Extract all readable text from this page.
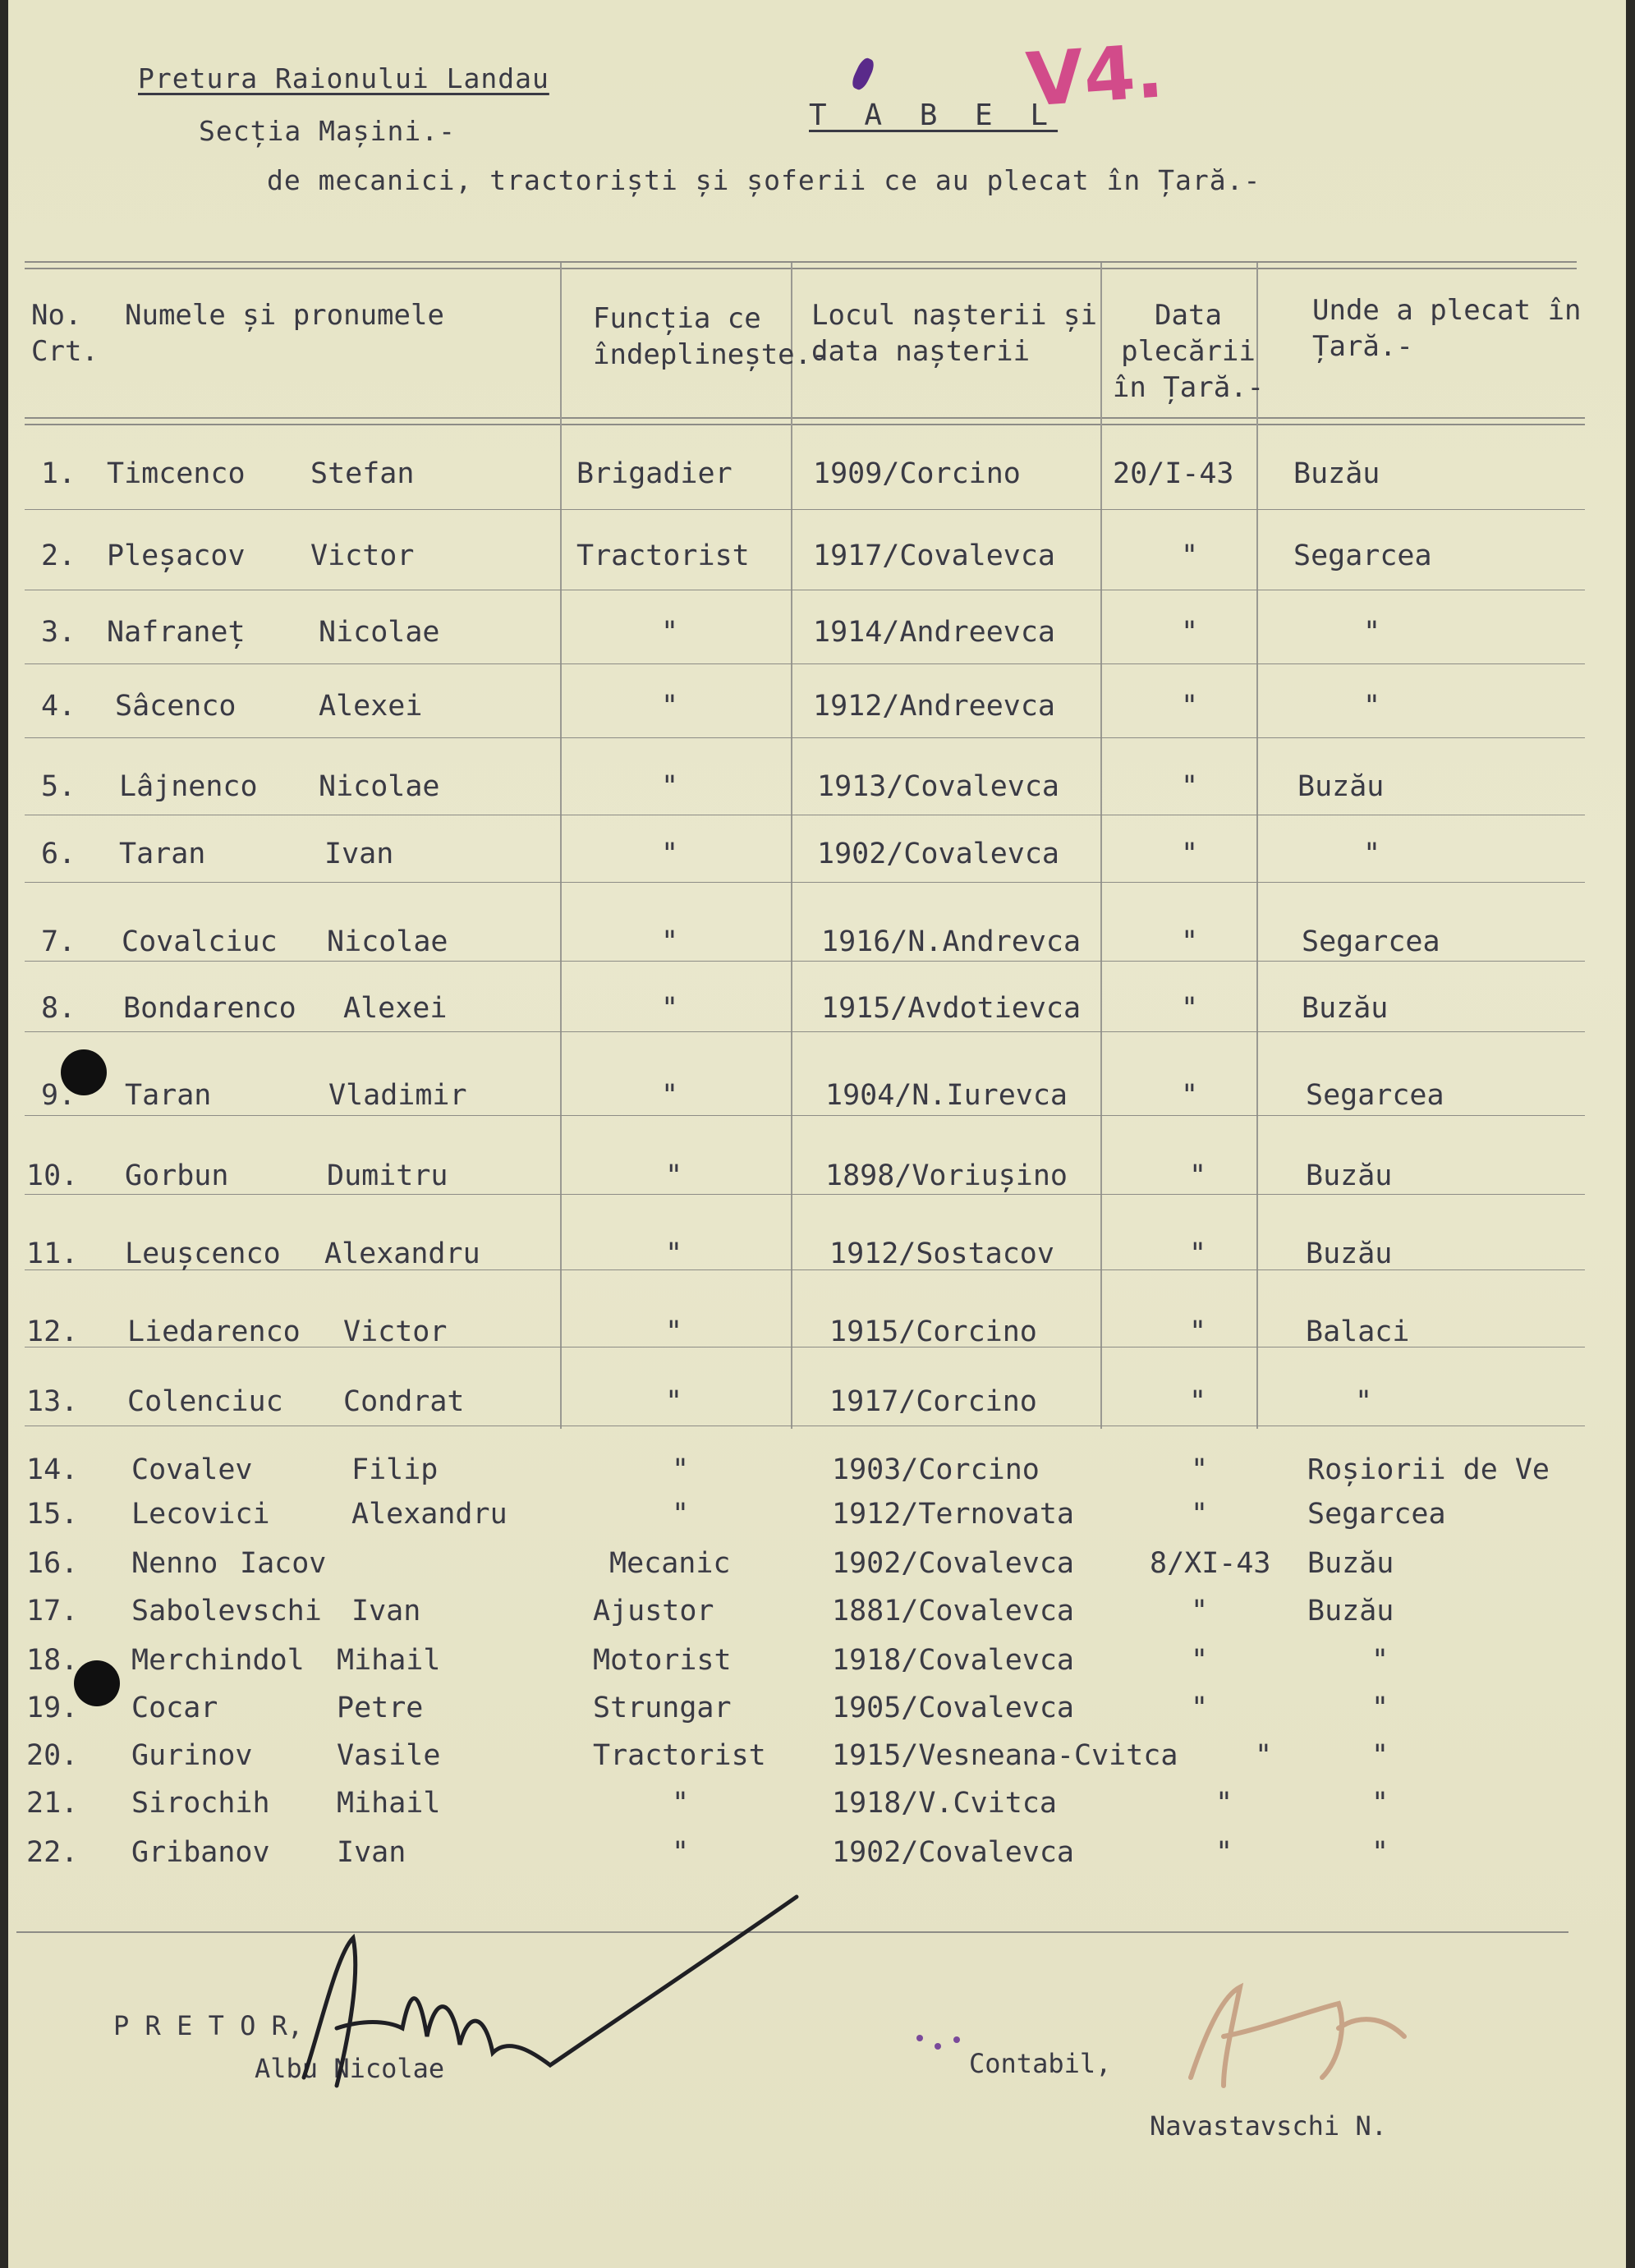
Pretura Raionului Landau
Secția Mașini.-	T A B E L
V4.
de mecanici, tractoriști și șoferii ce au plecat în Țară.-
No. Crt.
Numele și pronumele	Funcția ce îndeplinește.-
Locul nașterii și data nașterii
Data plecării în Țară.-
Unde a plecat în Țară.-
1. Timcenco Stefan	Brigadier	1909/Corcino	20/I-43 Buzău
2. Pleșacov Victor	Tractorist 1917/Covalevca	"	Segarcea
3. Nafraneț	Nicolae	"	1914/Andreevca	"	"
4. Sâcenco	Alexei	"	1912/Andreevca	"	"
5. Lâjnenco Nicolae	"	1913/Covalevca	"	Buzău
6. Taran	Ivan	"	1902/Covalevca	"	"
7. Covalciuc Nicolae	"	1916/N.Andrevca	"	Segarcea
8. Bondarenco Alexei	"	1915/Avdotievca	"	Buzău
9. Taran	Vladimir	"	1904/N.Iurevca	"	Segarcea
10. Gorbun	Dumitru	"	1898/Voriușino	"	Buzău
11. Leușcenco Alexandru	"	1912/Sostacov	"	Buzău
12. Liedarenco Victor	"	1915/Corcino	"	Balaci
13. Colenciuc Condrat	"	1917/Corcino	"	"
14. Covalev	Filip	"	1903/Corcino	"	Roșiorii de Ve
15. Lecovici	Alexandru	"	1912/Ternovata	"	Segarcea
16. Nenno Iacov	Mecanic	1902/Covalevca	8/XI-43 Buzău
17. Sabolevschi Ivan	Ajustor	1881/Covalevca	"	Buzău
18. Merchindol Mihail	Motorist	1918/Covalevca	"	"
19. Cocar	Petre	Strungar	1905/Covalevca	"	"
20. Gurinov	Vasile	Tractorist 1915/Vesneana-Cvitca	"	"
21. Sirochih Mihail	"	1918/V.Cvitca	"	"
22. Gribanov Ivan	"	1902/Covalevca	"	"
P R E T O R,
Albu Nicolae	Contabil,
Navastavschi N.
